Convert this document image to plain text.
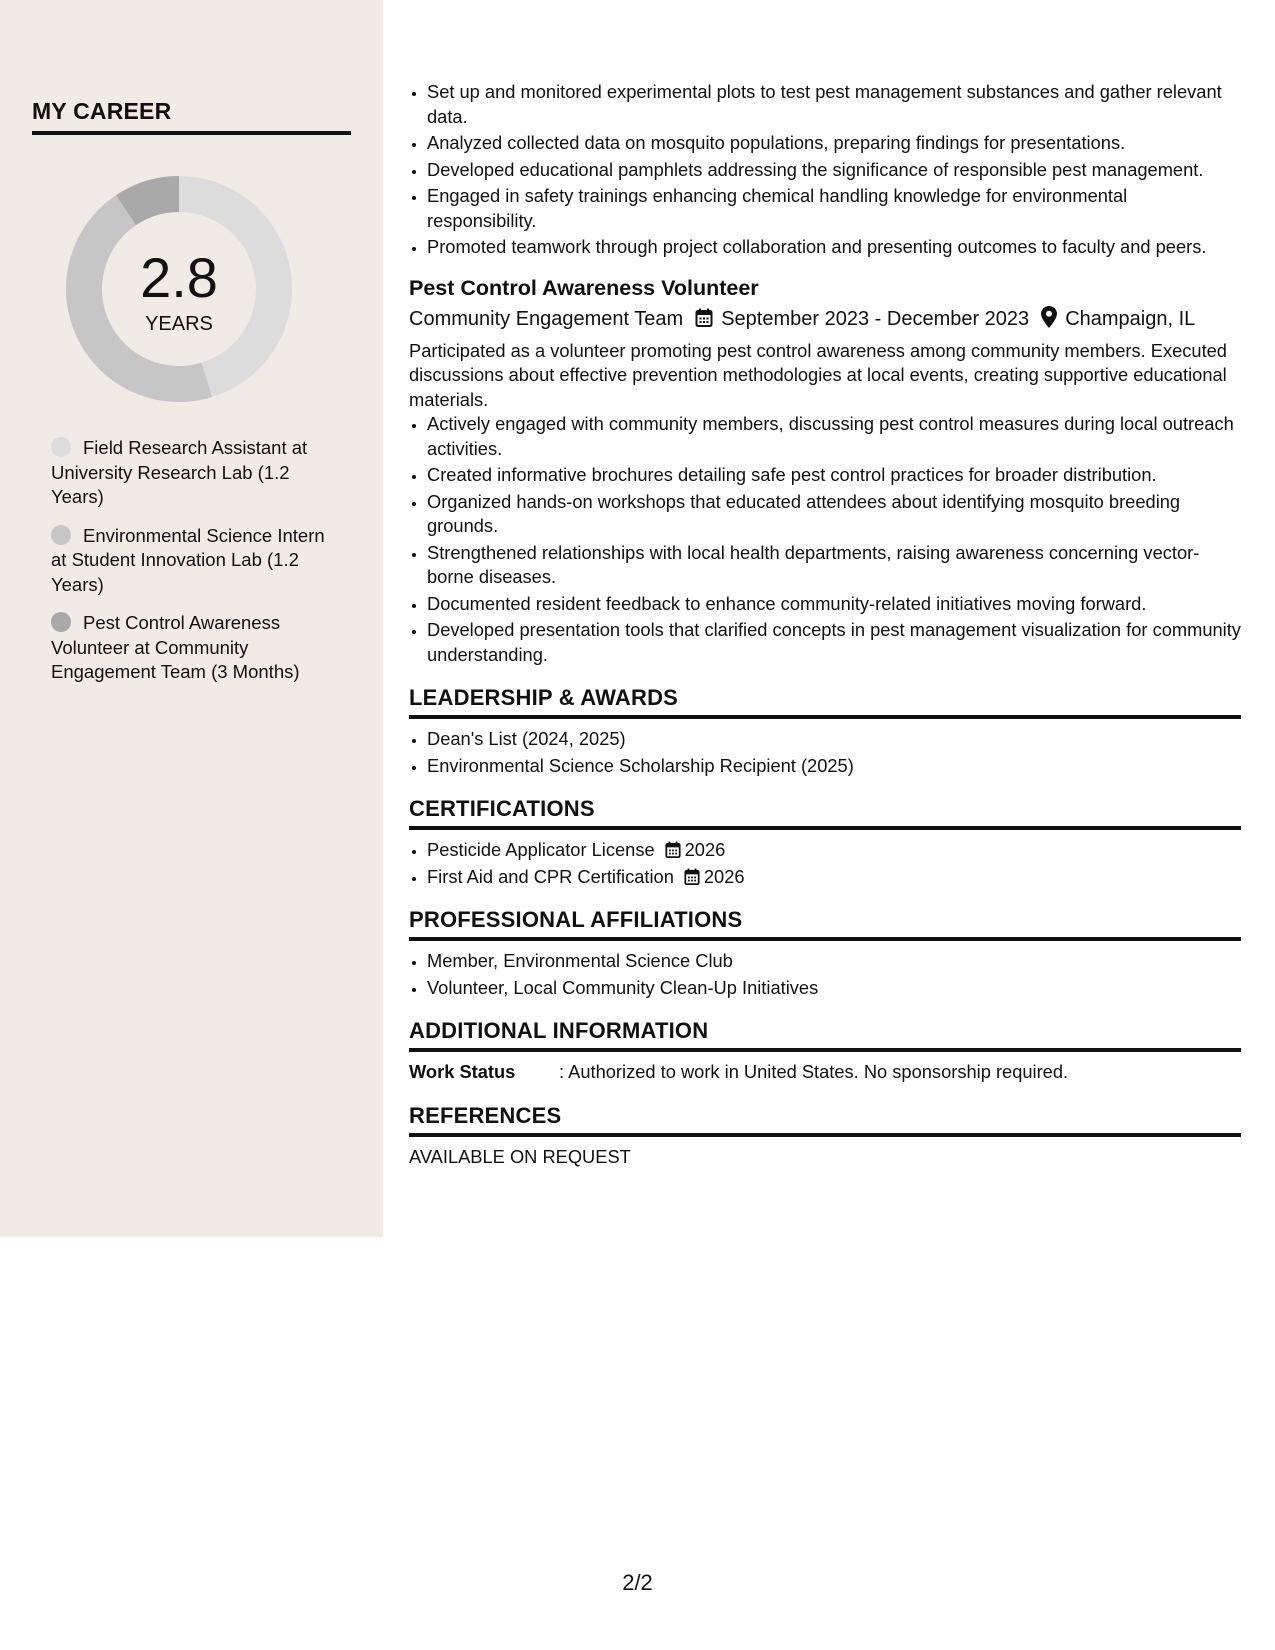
MY CAREER
2.8
YEARS
Field Research Assistant at University Research Lab (1.2 Years)
Environmental Science Intern at Student Innovation Lab (1.2 Years)
Pest Control Awareness Volunteer at Community Engagement Team (3 Months)
• Set up and monitored experimental plots to test pest management substances and gather relevant data.
• Analyzed collected data on mosquito populations, preparing findings for presentations.
• Developed educational pamphlets addressing the significance of responsible pest management.
• Engaged in safety trainings enhancing chemical handling knowledge for environmental responsibility.
• Promoted teamwork through project collaboration and presenting outcomes to faculty and peers.
Pest Control Awareness Volunteer
Community Engagement Team September 2023 - December 2023 Champaign, IL
Participated as a volunteer promoting pest control awareness among community members. Executed discussions about effective prevention methodologies at local events, creating supportive educational materials.
• Actively engaged with community members, discussing pest control measures during local outreach activities.
• Created informative brochures detailing safe pest control practices for broader distribution.
• Organized hands-on workshops that educated attendees about identifying mosquito breeding grounds.
• Strengthened relationships with local health departments, raising awareness concerning vector-borne diseases.
• Documented resident feedback to enhance community-related initiatives moving forward.
• Developed presentation tools that clarified concepts in pest management visualization for community understanding.
LEADERSHIP & AWARDS
• Dean's List (2024, 2025)
• Environmental Science Scholarship Recipient (2025)
CERTIFICATIONS
• Pesticide Applicator License 2026
• First Aid and CPR Certification 2026
PROFESSIONAL AFFILIATIONS
• Member, Environmental Science Club
• Volunteer, Local Community Clean-Up Initiatives
ADDITIONAL INFORMATION
Work Status : Authorized to work in United States. No sponsorship required.
REFERENCES
AVAILABLE ON REQUEST
2/2
